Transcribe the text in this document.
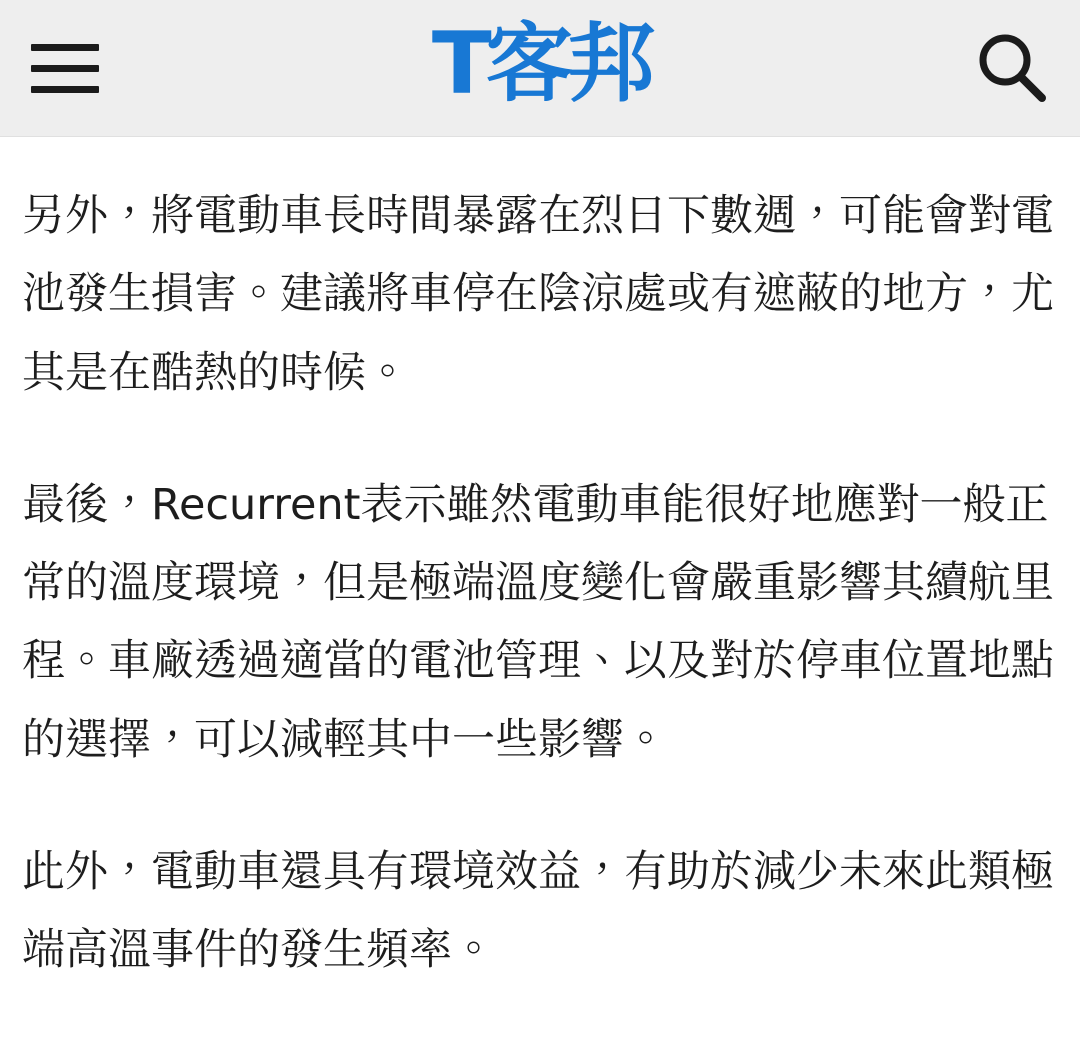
T客邦

另外，將電動車長時間暴露在烈日下數週，可能會對電池發生損害。建議將車停在陰涼處或有遮蔽的地方，尤其是在酷熱的時候。

最後，Recurrent表示雖然電動車能很好地應對一般正常的溫度環境，但是極端溫度變化會嚴重影響其續航里程。車廠透過適當的電池管理、以及對於停車位置地點的選擇，可以減輕其中一些影響。

此外，電動車還具有環境效益，有助於減少未來此類極端高溫事件的發生頻率。
